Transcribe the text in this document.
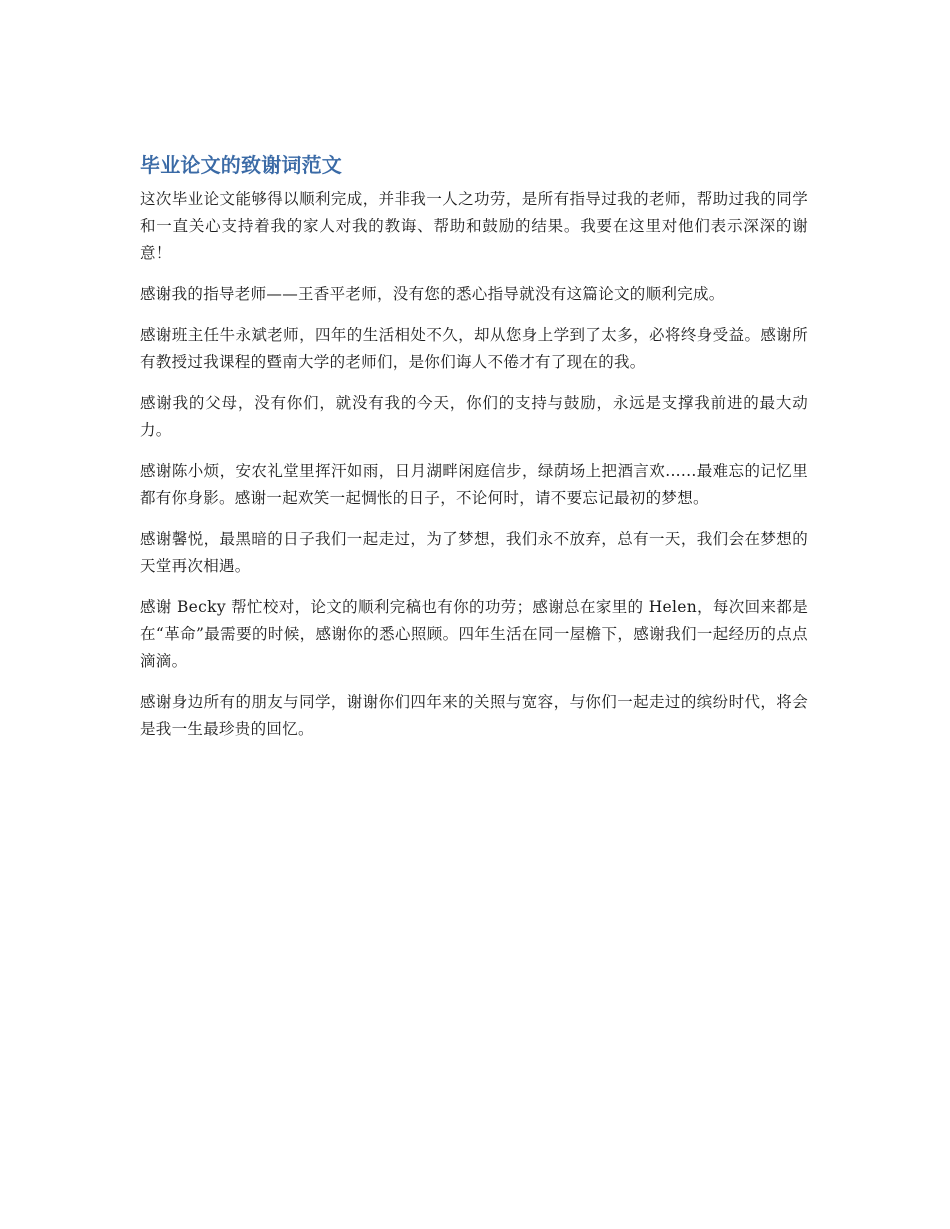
毕业论文的致谢词范文

这次毕业论文能够得以顺利完成，并非我一人之功劳，是所有指导过我的老师，帮助过我的同学和一直关心支持着我的家人对我的教诲、帮助和鼓励的结果。我要在这里对他们表示深深的谢意！

感谢我的指导老师——王香平老师，没有您的悉心指导就没有这篇论文的顺利完成。

感谢班主任牛永斌老师，四年的生活相处不久，却从您身上学到了太多，必将终身受益。感谢所有教授过我课程的暨南大学的老师们，是你们诲人不倦才有了现在的我。

感谢我的父母，没有你们，就没有我的今天，你们的支持与鼓励，永远是支撑我前进的最大动力。

感谢陈小烦，安农礼堂里挥汗如雨，日月湖畔闲庭信步，绿荫场上把酒言欢......最难忘的记忆里都有你身影。感谢一起欢笑一起惆怅的日子，不论何时，请不要忘记最初的梦想。

感谢馨悦，最黑暗的日子我们一起走过，为了梦想，我们永不放弃，总有一天，我们会在梦想的天堂再次相遇。

感谢 Becky 帮忙校对，论文的顺利完稿也有你的功劳；感谢总在家里的 Helen，每次回来都是在“革命”最需要的时候，感谢你的悉心照顾。四年生活在同一屋檐下，感谢我们一起经历的点点滴滴。

感谢身边所有的朋友与同学，谢谢你们四年来的关照与宽容，与你们一起走过的缤纷时代，将会是我一生最珍贵的回忆。
